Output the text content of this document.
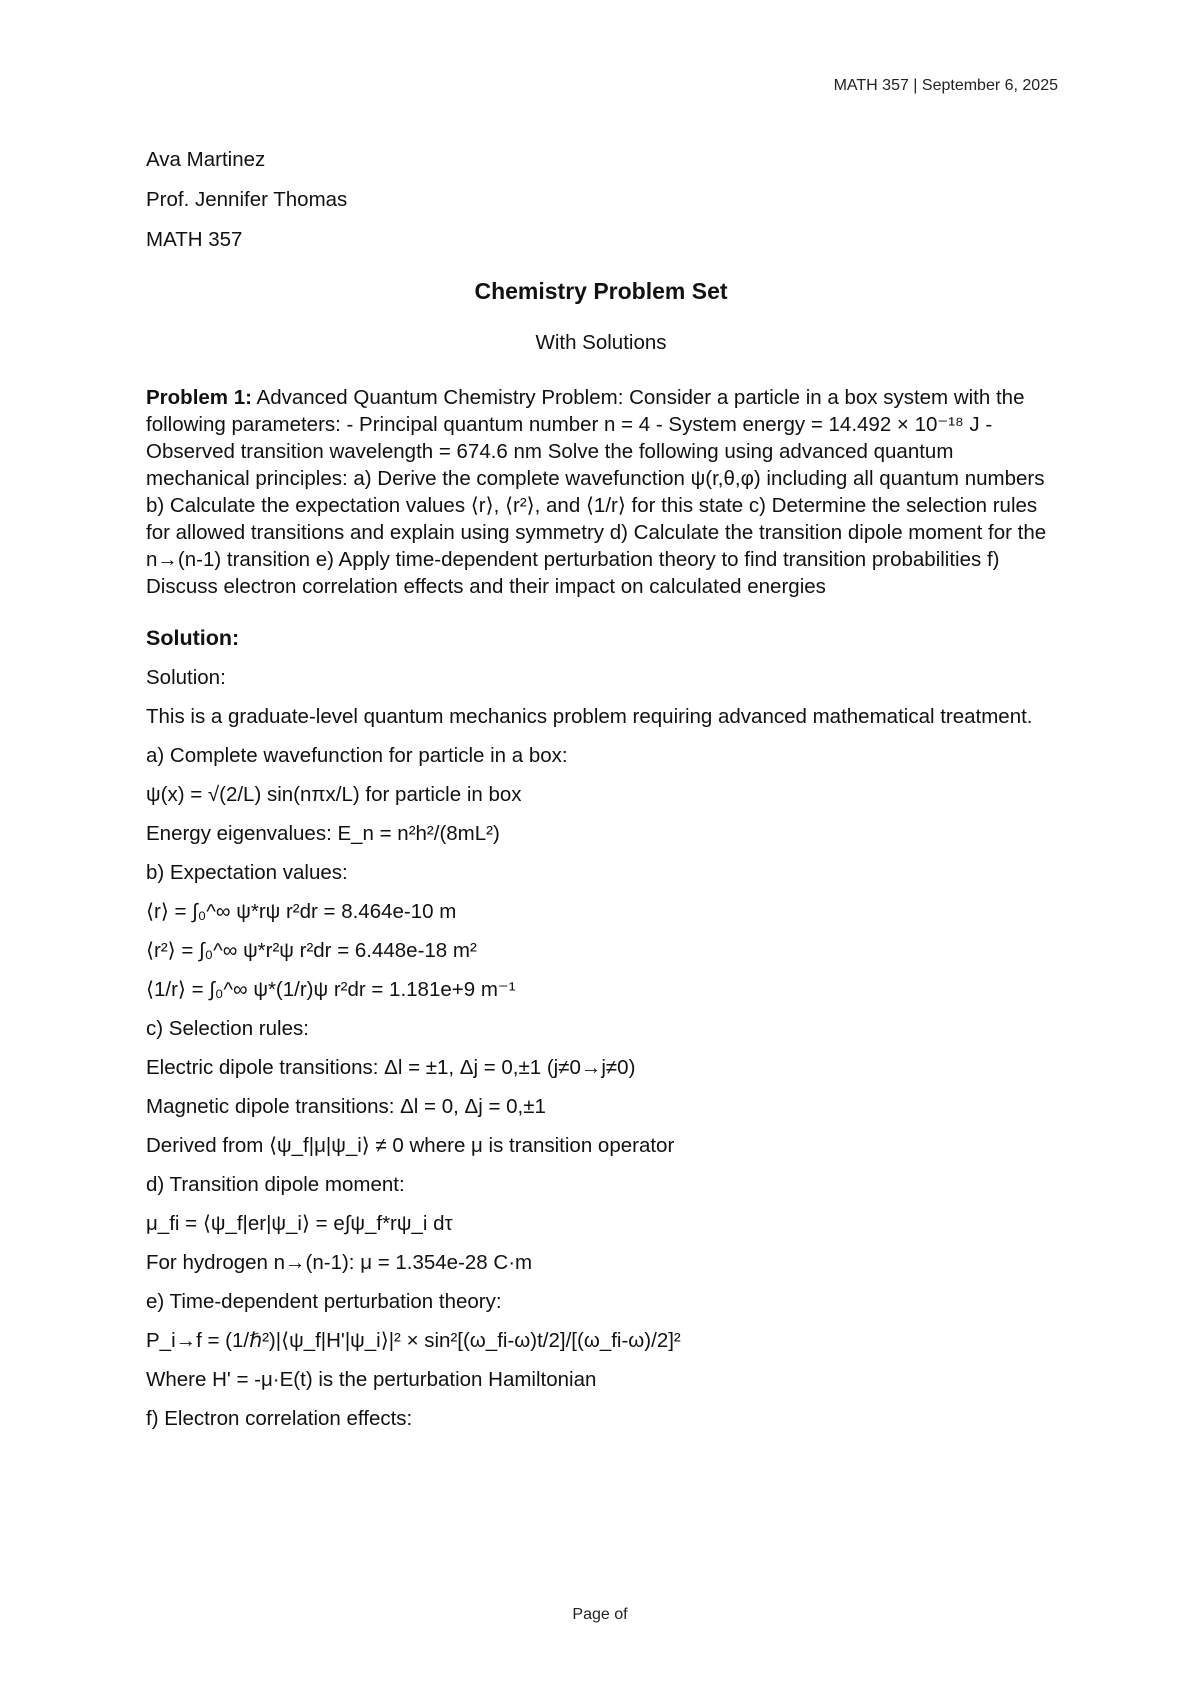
MATH 357 | September 6, 2025

Ava Martinez

Prof. Jennifer Thomas

MATH 357

Chemistry Problem Set

With Solutions

Problem 1: Advanced Quantum Chemistry Problem: Consider a particle in a box system with the following parameters: - Principal quantum number n = 4 - System energy = 14.492 × 10⁻¹⁸ J - Observed transition wavelength = 674.6 nm Solve the following using advanced quantum mechanical principles: a) Derive the complete wavefunction ψ(r,θ,φ) including all quantum numbers b) Calculate the expectation values ⟨r⟩, ⟨r²⟩, and ⟨1/r⟩ for this state c) Determine the selection rules for allowed transitions and explain using symmetry d) Calculate the transition dipole moment for the n→(n-1) transition e) Apply time-dependent perturbation theory to find transition probabilities f) Discuss electron correlation effects and their impact on calculated energies

Solution:

Solution:

This is a graduate-level quantum mechanics problem requiring advanced mathematical treatment.

a) Complete wavefunction for particle in a box:

ψ(x) = √(2/L) sin(nπx/L) for particle in box

Energy eigenvalues: E_n = n²h²/(8mL²)

b) Expectation values:

⟨r⟩ = ∫₀^∞ ψ*rψ r²dr = 8.464e-10 m

⟨r²⟩ = ∫₀^∞ ψ*r²ψ r²dr = 6.448e-18 m²

⟨1/r⟩ = ∫₀^∞ ψ*(1/r)ψ r²dr = 1.181e+9 m⁻¹

c) Selection rules:

Electric dipole transitions: Δl = ±1, Δj = 0,±1 (j≠0→j≠0)

Magnetic dipole transitions: Δl = 0, Δj = 0,±1

Derived from ⟨ψ_f|μ|ψ_i⟩ ≠ 0 where μ is transition operator

d) Transition dipole moment:

μ_fi = ⟨ψ_f|er|ψ_i⟩ = e∫ψ_f*rψ_i dτ

For hydrogen n→(n-1): μ = 1.354e-28 C·m

e) Time-dependent perturbation theory:

P_i→f = (1/ℏ²)|⟨ψ_f|H'|ψ_i⟩|² × sin²[(ω_fi-ω)t/2]/[(ω_fi-ω)/2]²

Where H' = -μ·E(t) is the perturbation Hamiltonian

f) Electron correlation effects:

Page of
